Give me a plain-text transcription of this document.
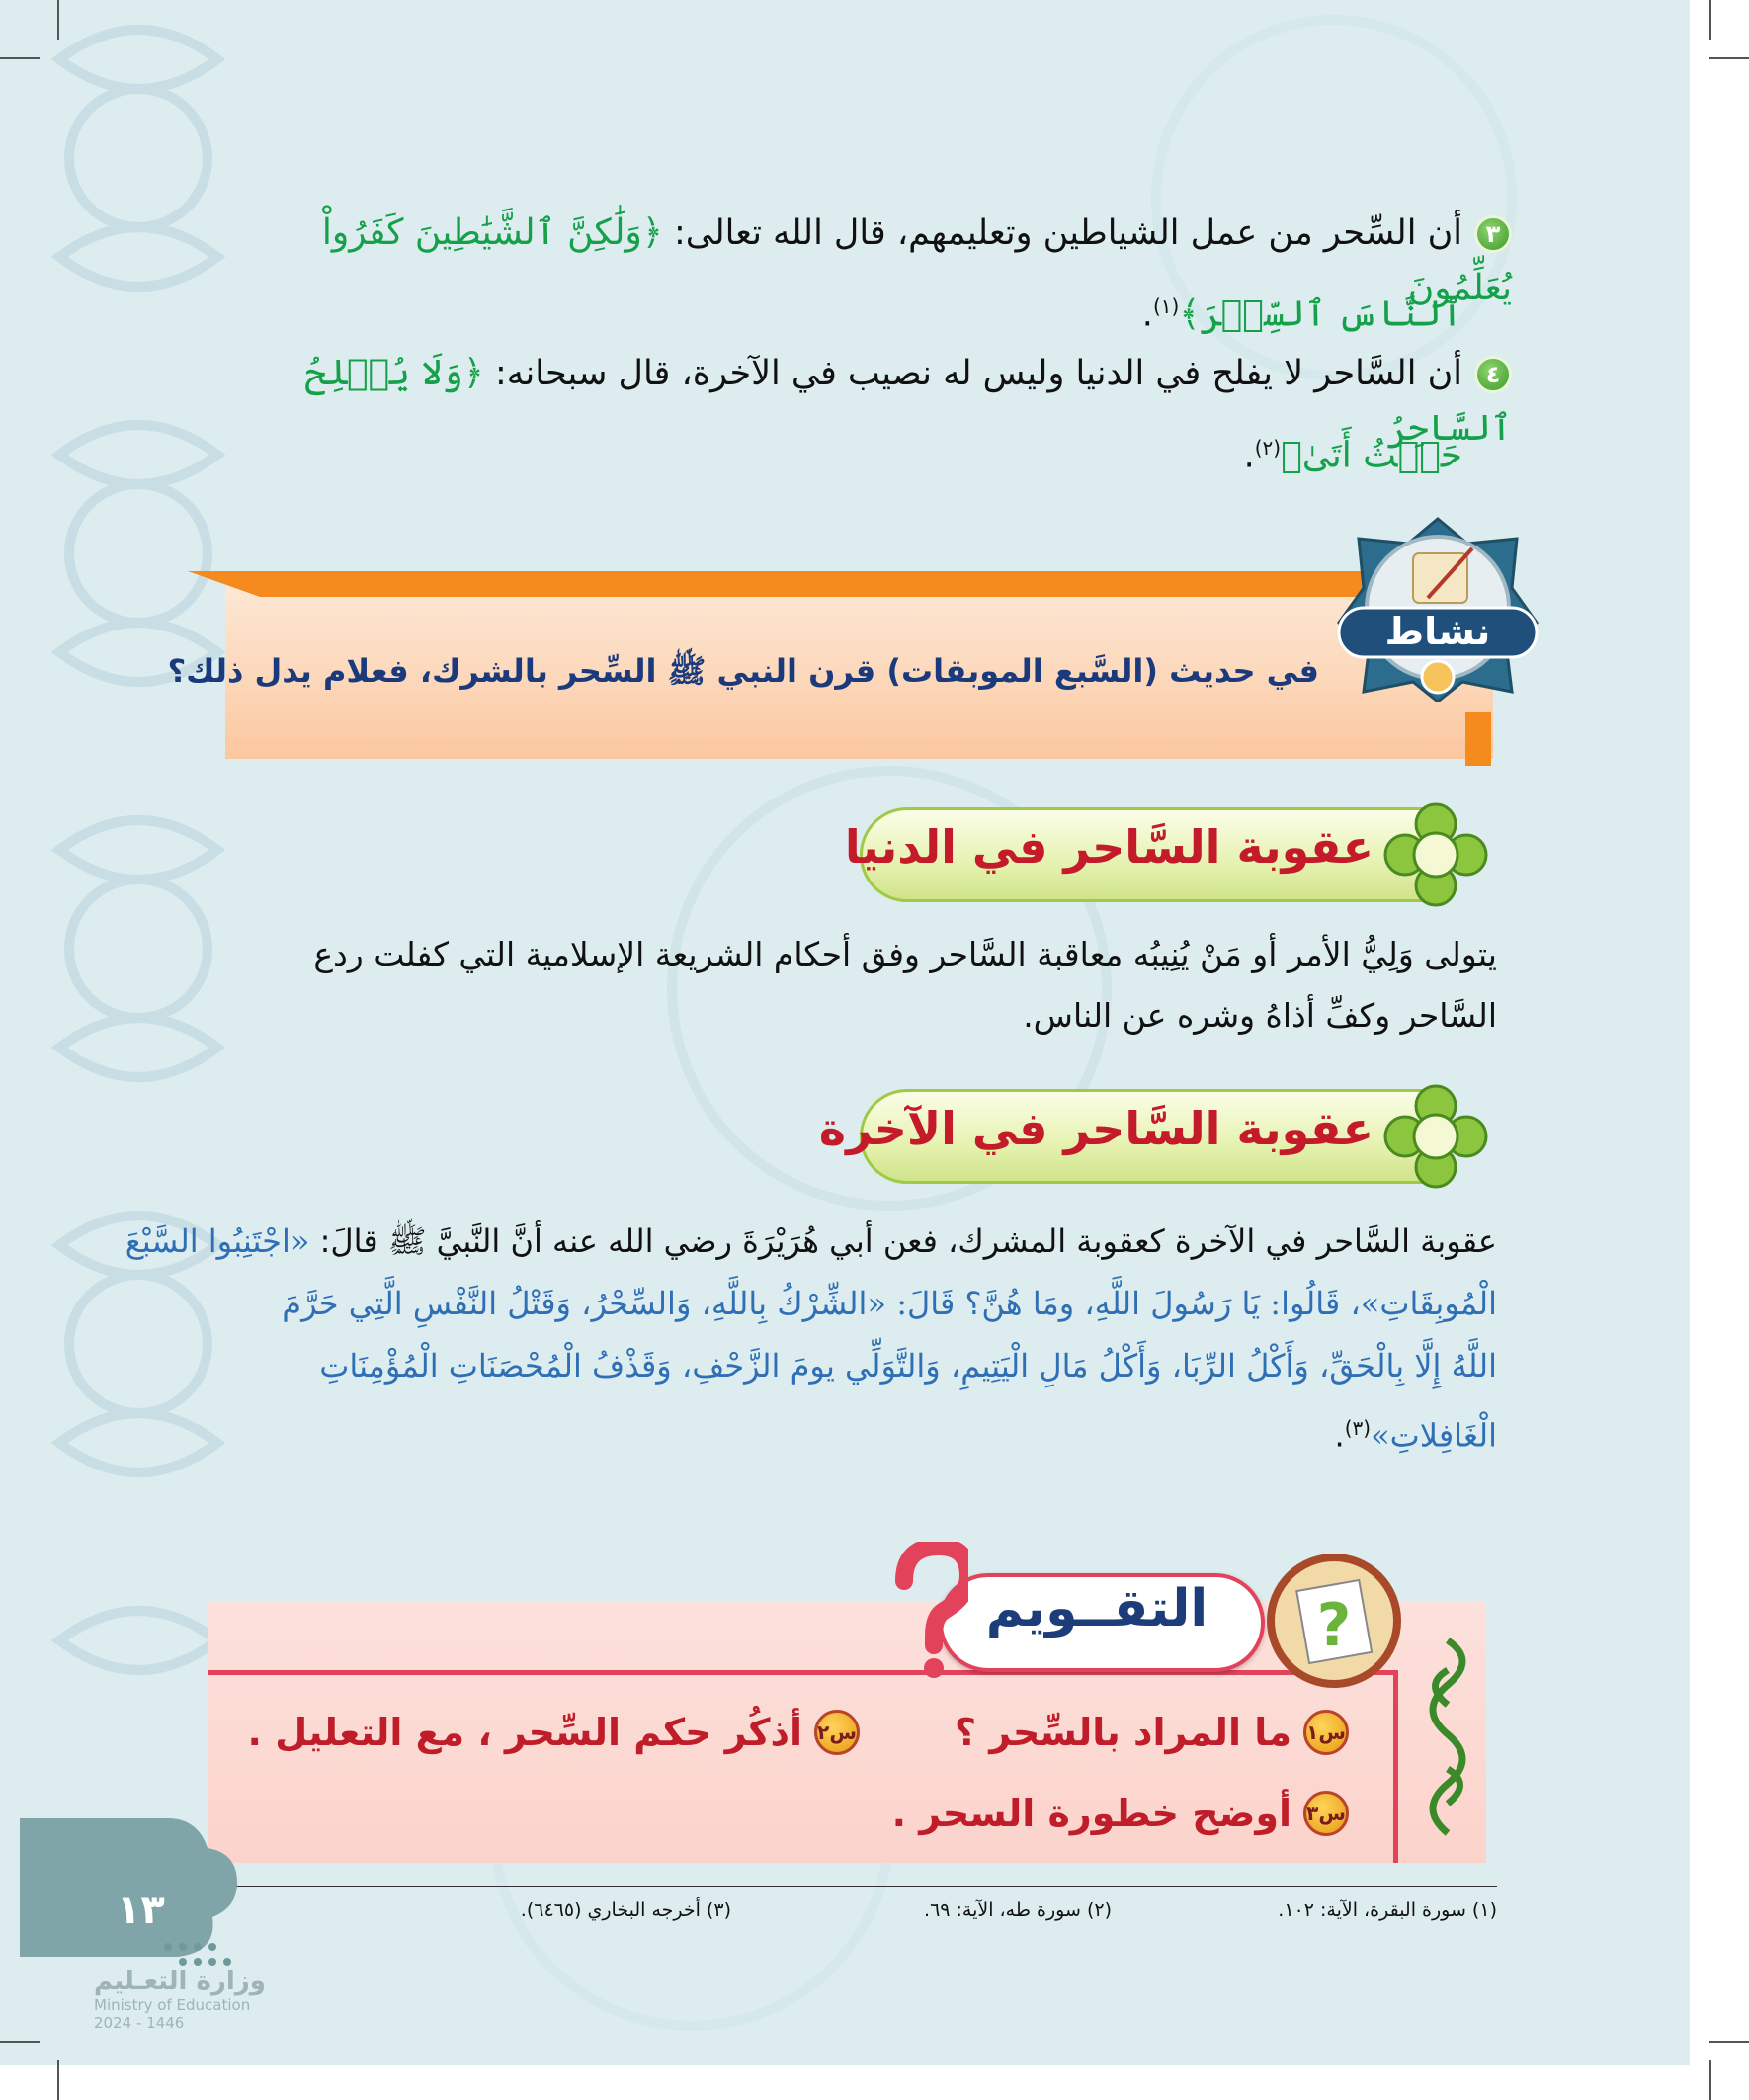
٣أن السِّحر من عمل الشياطين وتعليمهم، قال الله تعالى: ﴿وَلَٰكِنَّ ٱلشَّيَٰطِينَ كَفَرُواْ يُعَلِّمُونَ
ٱلنَّاسَ ٱلسِّحۡرَ﴾$^{(١)}$.
٤أن السَّاحر لا يفلح في الدنيا وليس له نصيب في الآخرة، قال سبحانه: ﴿وَلَا يُفۡلِحُ ٱلسَّاحِرُ
حَيۡثُ أَتَىٰ﴾$^{(٢)}$.
في حديث (السَّبع الموبقات) قرن النبي ﷺ السِّحر بالشرك، فعلام يدل ذلك؟
نشاط
عقوبة السَّاحر في الدنيا
يتولى وَلِيُّ الأمر أو مَنْ يُنِيبُه معاقبة السَّاحر وفق أحكام الشريعة الإسلامية التي كفلت ردع
السَّاحر وكفِّ أذاهُ وشره عن الناس.
عقوبة السَّاحر في الآخرة
عقوبة السَّاحر في الآخرة كعقوبة المشرك، فعن أبي هُرَيْرَةَ رضي الله عنه أنَّ النَّبيَّ ﷺ قالَ: «اجْتَنِبُوا السَّبْعَ
الْمُوبِقَاتِ»، قَالُوا: يَا رَسُولَ اللَّهِ، ومَا هُنَّ؟ قَالَ: «الشِّرْكُ بِاللَّهِ، وَالسِّحْرُ، وَقَتْلُ النَّفْسِ الَّتِي حَرَّمَ
اللَّهُ إِلَّا بِالْحَقِّ، وَأَكْلُ الرِّبَا، وَأَكْلُ مَالِ الْيَتِيمِ، وَالتَّوَلِّي يومَ الزَّحْفِ، وَقَذْفُ الْمُحْصَنَاتِ الْمُؤْمِنَاتِ
الْغَافِلاتِ»$^{(٣)}$.
التقــويم	?
س١
ما المراد بالسِّحر ؟
س٢
أذكُر حكم السِّحر ، مع التعليل .
س٣
أوضح خطورة السحر .
(١) سورة البقرة، الآية: ١٠٢.
(٢) سورة طه، الآية: ٦٩.
(٣) أخرجه البخاري (٦٤٦٥).
١٣
وزارة التعـليم
Ministry of Education
2024 - 1446
